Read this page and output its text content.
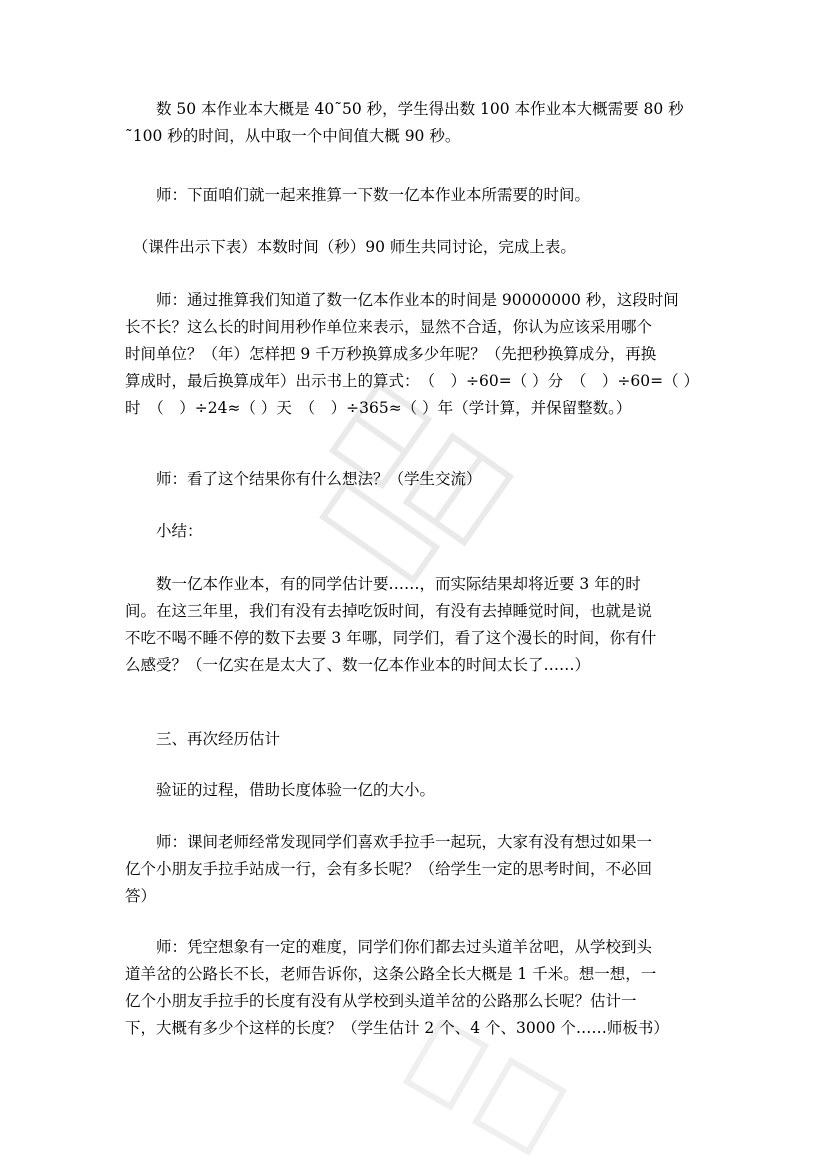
　　数 50 本作业本大概是 40˜50 秒，学生得出数 100 本作业本大概需要 80 秒
˜100 秒的时间，从中取一个中间值大概 90 秒。

　　师：下面咱们就一起来推算一下数一亿本作业本所需要的时间。

　（课件出示下表）本数时间（秒）90 师生共同讨论，完成上表。

　　师：通过推算我们知道了数一亿本作业本的时间是 90000000 秒，这段时间
长不长？这么长的时间用秒作单位来表示，显然不合适，你认为应该采用哪个
时间单位？（年）怎样把 9 千万秒换算成多少年呢？（先把秒换算成分，再换
算成时，最后换算成年）出示书上的算式：　（　）÷60=（ ）分　（　）÷60=（ ）
时　（　）÷24≈（ ）天　（　）÷365≈（ ）年（学计算，并保留整数。）

　　师：看了这个结果你有什么想法？（学生交流）

　　小结：

　　数一亿本作业本，有的同学估计要……，而实际结果却将近要 3 年的时
间。在这三年里，我们有没有去掉吃饭时间，有没有去掉睡觉时间，也就是说
不吃不喝不睡不停的数下去要 3 年哪，同学们，看了这个漫长的时间，你有什
么感受？（一亿实在是太大了、数一亿本作业本的时间太长了……）

　　三、再次经历估计

　　验证的过程，借助长度体验一亿的大小。

　　师：课间老师经常发现同学们喜欢手拉手一起玩，大家有没有想过如果一
亿个小朋友手拉手站成一行，会有多长呢？（给学生一定的思考时间，不必回
答）

　　师：凭空想象有一定的难度，同学们你们都去过头道羊岔吧，从学校到头
道羊岔的公路长不长，老师告诉你，这条公路全长大概是 1 千米。想一想，一
亿个小朋友手拉手的长度有没有从学校到头道羊岔的公路那么长呢？估计一
下，大概有多少个这样的长度？（学生估计 2 个、4 个、3000 个……师板书）
